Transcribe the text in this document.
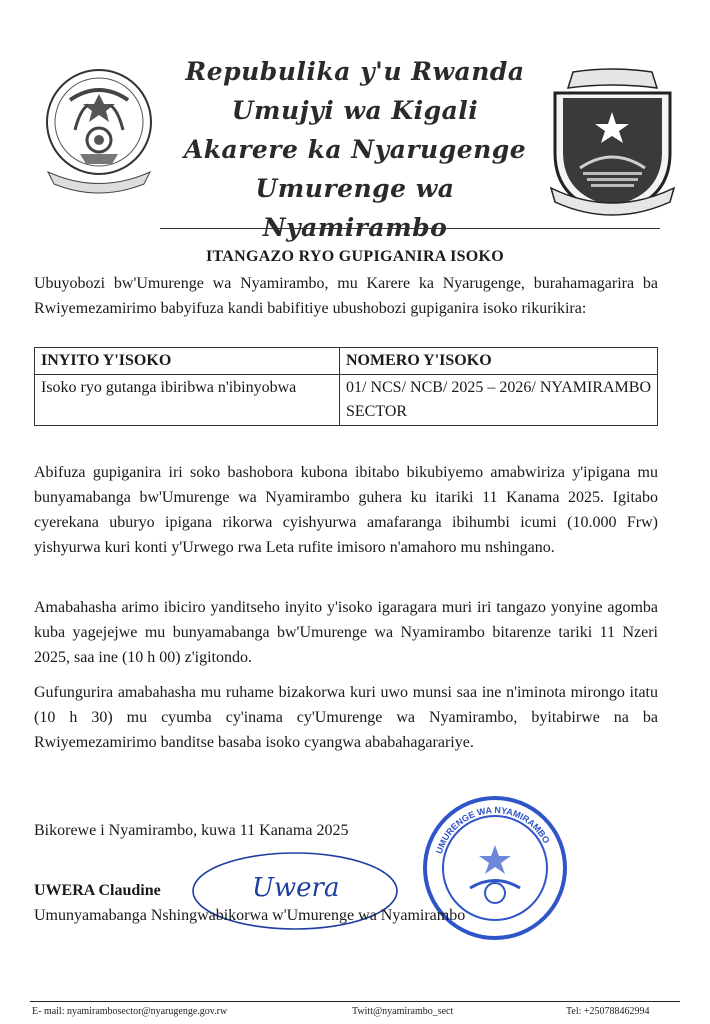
Repubulika y'u Rwanda
Umujyi wa Kigali
Akarere ka Nyarugenge
Umurenge wa Nyamirambo
ITANGAZO RYO GUPIGANIRA ISOKO
Ubuyobozi bw'Umurenge wa Nyamirambo, mu Karere ka Nyarugenge, burahamagarira ba Rwiyemezamirimo babyifuza kandi babifitiye ubushobozi gupiganira isoko rikurikira:
INYITO Y'ISOKO	NOMERO Y'ISOKO
Isoko ryo gutanga ibiribwa n'ibinyobwa	01/ NCS/ NCB/ 2025 – 2026/ NYAMIRAMBO SECTOR
Abifuza gupiganira iri soko bashobora kubona ibitabo bikubiyemo amabwiriza y'ipigana mu bunyamabanga bw'Umurenge wa Nyamirambo guhera ku itariki 11 Kanama 2025. Igitabo cyerekana uburyo ipigana rikorwa cyishyurwa amafaranga ibihumbi icumi (10.000 Frw) yishyurwa kuri konti y'Urwego rwa Leta rufite imisoro n'amahoro mu nshingano.
Amabahasha arimo ibiciro yanditseho inyito y'isoko igaragara muri iri tangazo yonyine agomba kuba yagejejwe mu bunyamabanga bw'Umurenge wa Nyamirambo bitarenze tariki 11 Nzeri 2025, saa ine (10 h 00) z'igitondo.
Gufungurira amabahasha mu ruhame bizakorwa kuri uwo munsi saa ine n'iminota mirongo itatu (10 h 30) mu cyumba cy'inama cy'Umurenge wa Nyamirambo, byitabirwe na ba Rwiyemezamirimo banditse basaba isoko cyangwa ababahagarariye.
Bikorewe i Nyamirambo, kuwa 11 Kanama 2025
Uwera
UMURENGE WA NYAMIRAMBO
UWERA Claudine
Umunyamabanga Nshingwabikorwa w'Umurenge wa Nyamirambo
E- mail: nyamirambosector@nyarugenge.gov.rw	Twitt@nyamirambo_sect	Tel: +250788462994
